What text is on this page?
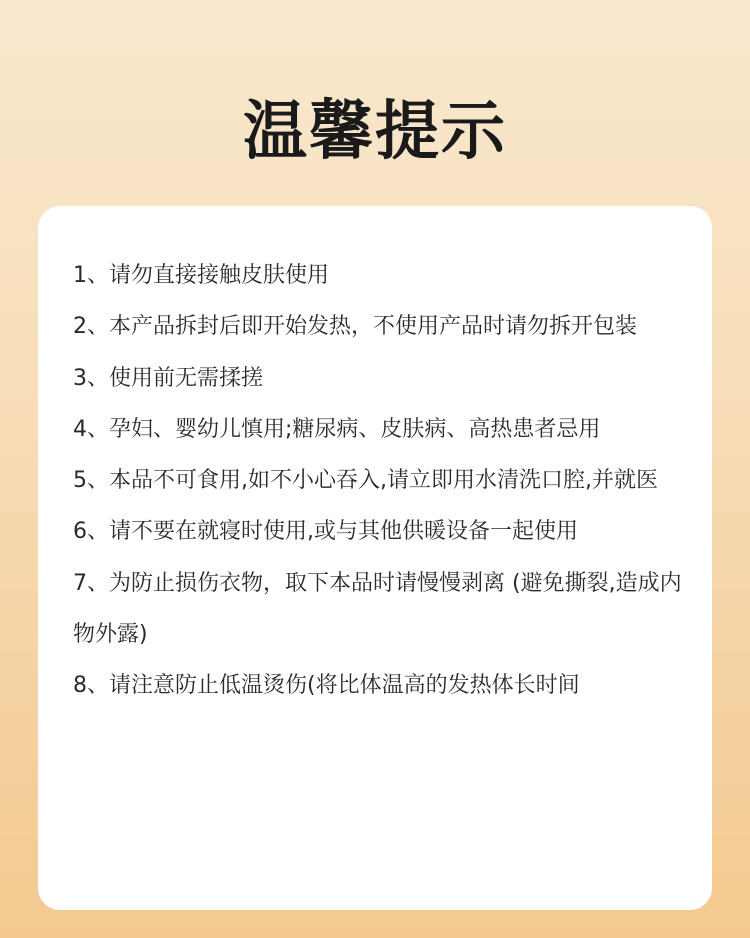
温馨提示
1、请勿直接接触皮肤使用
2、本产品拆封后即开始发热，不使用产品时请勿拆开包装
3、使用前无需揉搓
4、孕妇、婴幼儿慎用;糖尿病、皮肤病、高热患者忌用
5、本品不可食用,如不小心吞入,请立即用水清洗口腔,并就医
6、请不要在就寝时使用,或与其他供暖设备一起使用
7、为防止损伤衣物，取下本品时请慢慢剥离 (避免撕裂,造成内物外露)
8、请注意防止低温烫伤(将比体温高的发热体长时间
